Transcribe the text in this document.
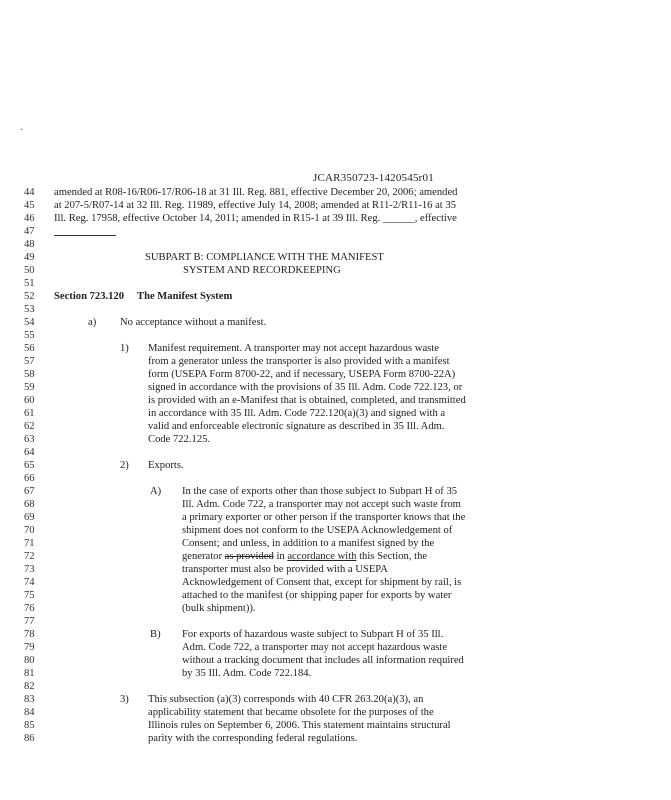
·
JCAR350723-1420545r01
44	amended at R08-16/R06-17/R06-18 at 31 Ill. Reg. 881, effective December 20, 2006; amended
45	at 207-5/R07-14 at 32 Ill. Reg. 11989, effective July 14, 2008; amended at R11-2/R11-16 at 35
46	Ill. Reg. 17958, effective October 14, 2011; amended in R15-1 at 39 Ill. Reg. ______, effective
47
48
49	SUBPART B: COMPLIANCE WITH THE MANIFEST
50	SYSTEM AND RECORDKEEPING
51
52	Section 723.120 The Manifest System
53
54	a) No acceptance without a manifest.
55
56	1) Manifest requirement. A transporter may not accept hazardous waste
57	from a generator unless the transporter is also provided with a manifest
58	form (USEPA Form 8700-22, and if necessary, USEPA Form 8700-22A)
59	signed in accordance with the provisions of 35 Ill. Adm. Code 722.123, or
60	is provided with an e-Manifest that is obtained, completed, and transmitted
61	in accordance with 35 Ill. Adm. Code 722.120(a)(3) and signed with a
62	valid and enforceable electronic signature as described in 35 Ill. Adm.
63	Code 722.125.
64
65	2) Exports.
66
67	A) In the case of exports other than those subject to Subpart H of 35
68	Ill. Adm. Code 722, a transporter may not accept such waste from
69	a primary exporter or other person if the transporter knows that the
70	shipment does not conform to the USEPA Acknowledgement of
71	Consent; and unless, in addition to a manifest signed by the
72	generator as provided in accordance with this Section, the
73	transporter must also be provided with a USEPA
74	Acknowledgement of Consent that, except for shipment by rail, is
75	attached to the manifest (or shipping paper for exports by water
76	(bulk shipment)).
77
78	B) For exports of hazardous waste subject to Subpart H of 35 Ill.
79	Adm. Code 722, a transporter may not accept hazardous waste
80	without a tracking document that includes all information required
81	by 35 Ill. Adm. Code 722.184.
82
83	3) This subsection (a)(3) corresponds with 40 CFR 263.20(a)(3), an
84	applicability statement that became obsolete for the purposes of the
85	Illinois rules on September 6, 2006. This statement maintains structural
86	parity with the corresponding federal regulations.
